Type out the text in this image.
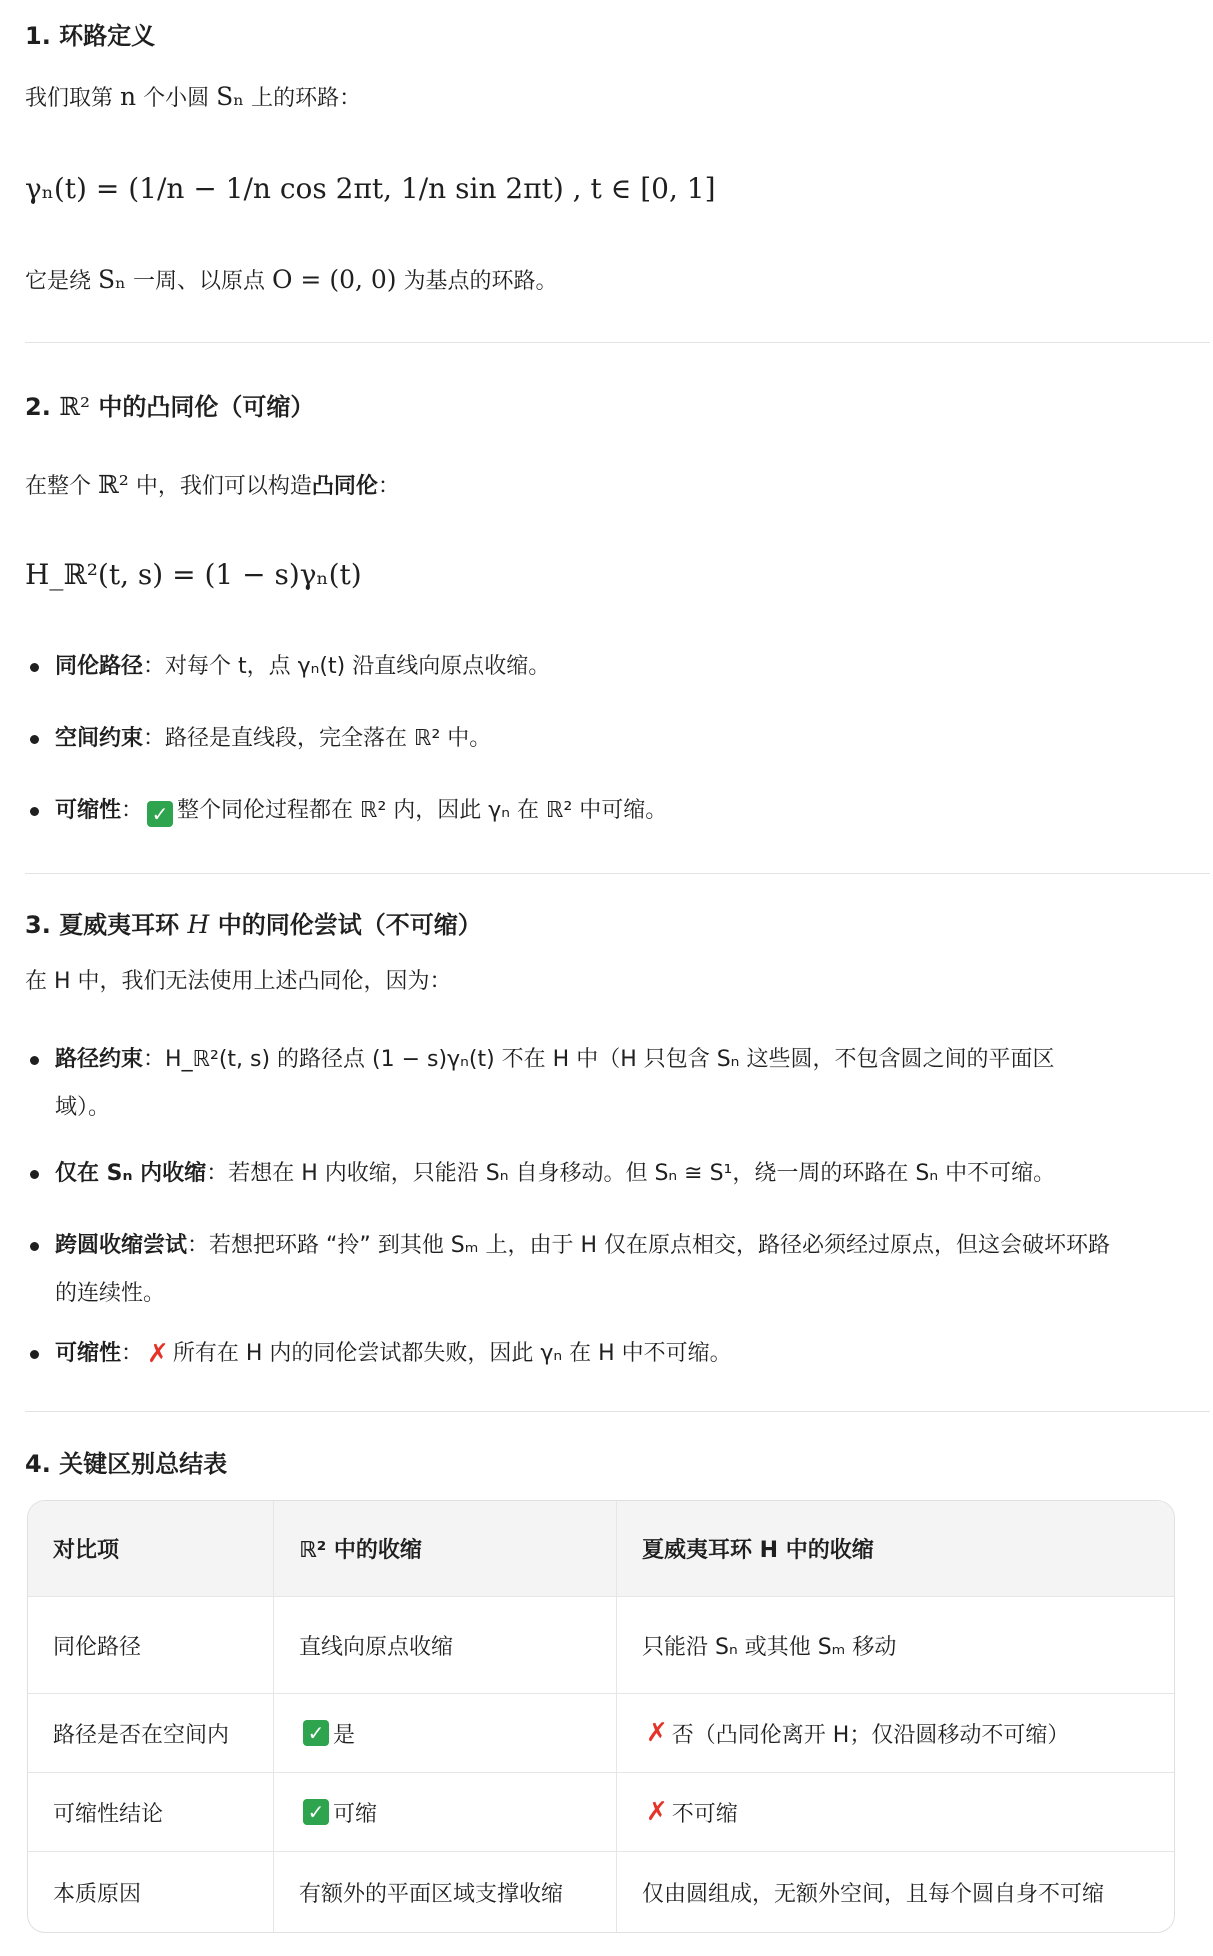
1. 环路定义
我们取第 n 个小圆 Sₙ 上的环路：
γₙ(t) = (1/n − 1/n cos 2πt, 1/n sin 2πt) , t ∈ [0, 1]
它是绕 Sₙ 一周、以原点 O = (0, 0) 为基点的环路。
2. ℝ² 中的凸同伦（可缩）
在整个 ℝ² 中，我们可以构造凸同伦：
H_ℝ²(t, s) = (1 − s)γₙ(t)
同伦路径：对每个 t，点 γₙ(t) 沿直线向原点收缩。
空间约束：路径是直线段，完全落在 ℝ² 中。
可缩性： ✓ 整个同伦过程都在 ℝ² 内，因此 γₙ 在 ℝ² 中可缩。
3. 夏威夷耳环 H 中的同伦尝试（不可缩）
在 H 中，我们无法使用上述凸同伦，因为：
路径约束：H_ℝ²(t, s) 的路径点 (1 − s)γₙ(t) 不在 H 中（H 只包含 Sₙ 这些圆，不包含圆之间的平面区
域）。
仅在 Sₙ 内收缩：若想在 H 内收缩，只能沿 Sₙ 自身移动。但 Sₙ ≅ S¹，绕一周的环路在 Sₙ 中不可缩。
跨圆收缩尝试：若想把环路 “拎” 到其他 Sₘ 上，由于 H 仅在原点相交，路径必须经过原点，但这会破坏环路
的连续性。
可缩性： ✗ 所有在 H 内的同伦尝试都失败，因此 γₙ 在 H 中不可缩。
4. 关键区别总结表
对比项	ℝ² 中的收缩	夏威夷耳环 H 中的收缩
同伦路径	直线向原点收缩	只能沿 Sₙ 或其他 Sₘ 移动
路径是否在空间内	✓ 是	✗ 否（凸同伦离开 H；仅沿圆移动不可缩）
可缩性结论	✓ 可缩	✗ 不可缩
本质原因	有额外的平面区域支撑收缩	仅由圆组成，无额外空间，且每个圆自身不可缩
